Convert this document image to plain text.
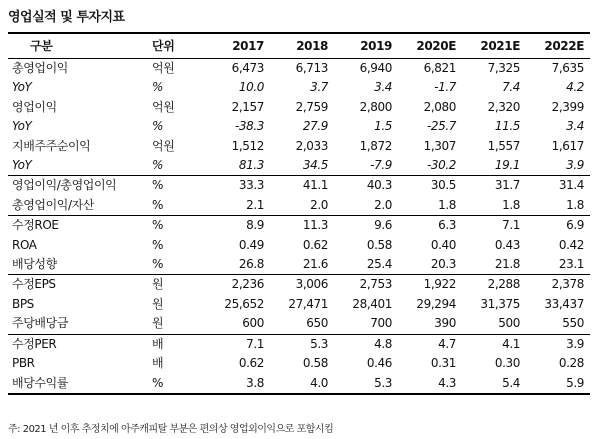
영업실적 및 투자지표
구분	단위	2017	2018	2019	2020E	2021E	2022E
총영업이익	억원	6,473	6,713	6,940	6,821	7,325	7,635
YoY	%	10.0	3.7	3.4	-1.7	7.4	4.2
영업이익	억원	2,157	2,759	2,800	2,080	2,320	2,399
YoY	%	-38.3	27.9	1.5	-25.7	11.5	3.4
지배주주순이익	억원	1,512	2,033	1,872	1,307	1,557	1,617
YoY	%	81.3	34.5	-7.9	-30.2	19.1	3.9
영업이익/총영업이익	%	33.3	41.1	40.3	30.5	31.7	31.4
총영업이익/자산	%	2.1	2.0	2.0	1.8	1.8	1.8
수정ROE	%	8.9	11.3	9.6	6.3	7.1	6.9
ROA	%	0.49	0.62	0.58	0.40	0.43	0.42
배당성향	%	26.8	21.6	25.4	20.3	21.8	23.1
수정EPS	원	2,236	3,006	2,753	1,922	2,288	2,378
BPS	원	25,652	27,471	28,401	29,294	31,375	33,437
주당배당금	원	600	650	700	390	500	550
수정PER	배	7.1	5.3	4.8	4.7	4.1	3.9
PBR	배	0.62	0.58	0.46	0.31	0.30	0.28
배당수익률	%	3.8	4.0	5.3	4.3	5.4	5.9
주: 2021 년 이후 추정치에 아주캐피탈 부분은 편의상 영업외이익으로 포함시킴
